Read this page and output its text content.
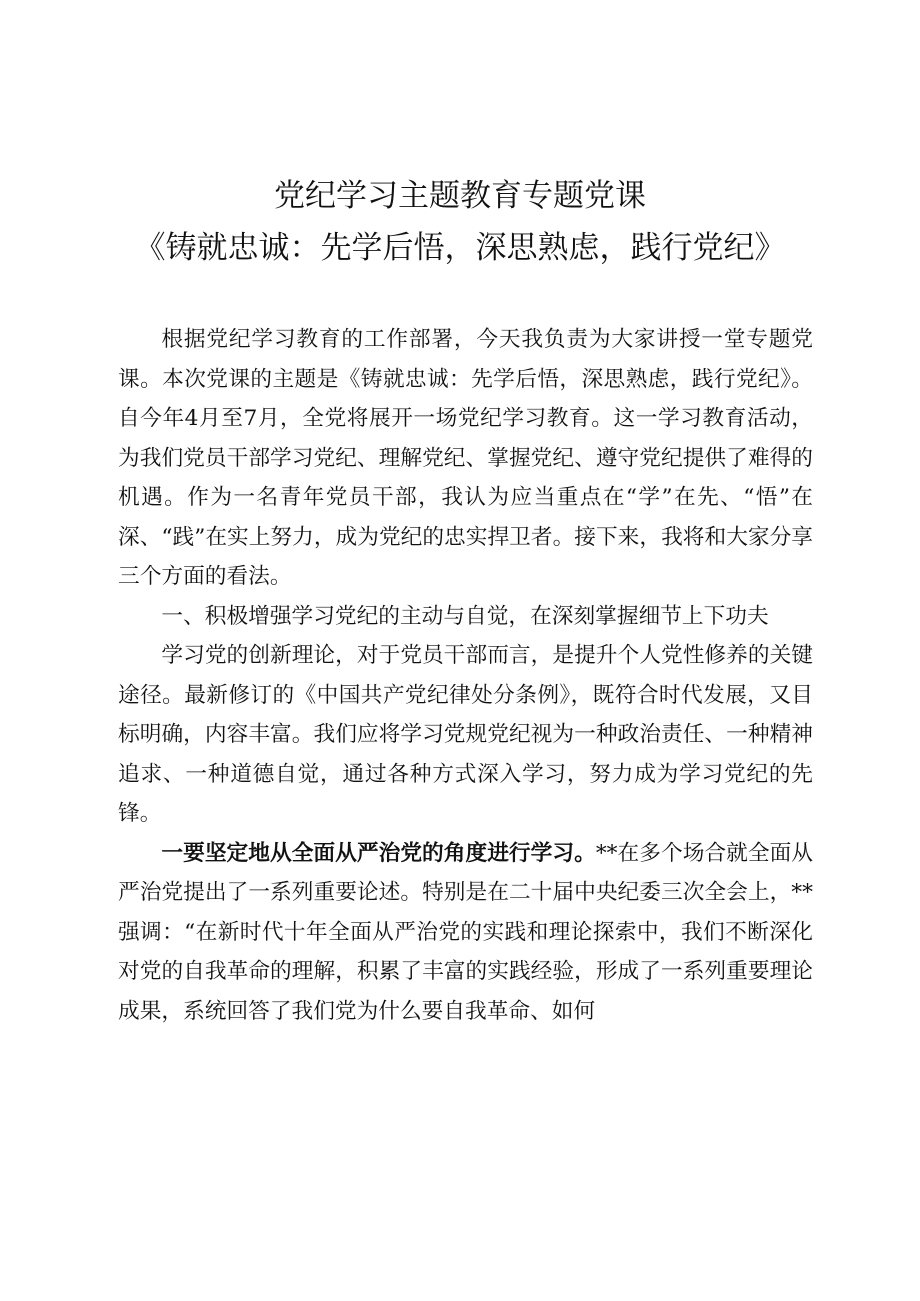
党纪学习主题教育专题党课
《铸就忠诚：先学后悟，深思熟虑，践行党纪》

根据党纪学习教育的工作部署，今天我负责为大家讲授一堂专题党课。本次党课的主题是《铸就忠诚：先学后悟，深思熟虑，践行党纪》。自今年4月至7月，全党将展开一场党纪学习教育。这一学习教育活动，为我们党员干部学习党纪、理解党纪、掌握党纪、遵守党纪提供了难得的机遇。作为一名青年党员干部，我认为应当重点在“学”在先、“悟”在深、“践”在实上努力，成为党纪的忠实捍卫者。接下来，我将和大家分享三个方面的看法。

一、积极增强学习党纪的主动与自觉，在深刻掌握细节上下功夫

学习党的创新理论，对于党员干部而言，是提升个人党性修养的关键途径。最新修订的《中国共产党纪律处分条例》，既符合时代发展，又目标明确，内容丰富。我们应将学习党规党纪视为一种政治责任、一种精神追求、一种道德自觉，通过各种方式深入学习，努力成为学习党纪的先锋。

一要坚定地从全面从严治党的角度进行学习。**在多个场合就全面从严治党提出了一系列重要论述。特别是在二十届中央纪委三次全会上，**强调：“在新时代十年全面从严治党的实践和理论探索中，我们不断深化对党的自我革命的理解，积累了丰富的实践经验，形成了一系列重要理论成果，系统回答了我们党为什么要自我革命、如何
